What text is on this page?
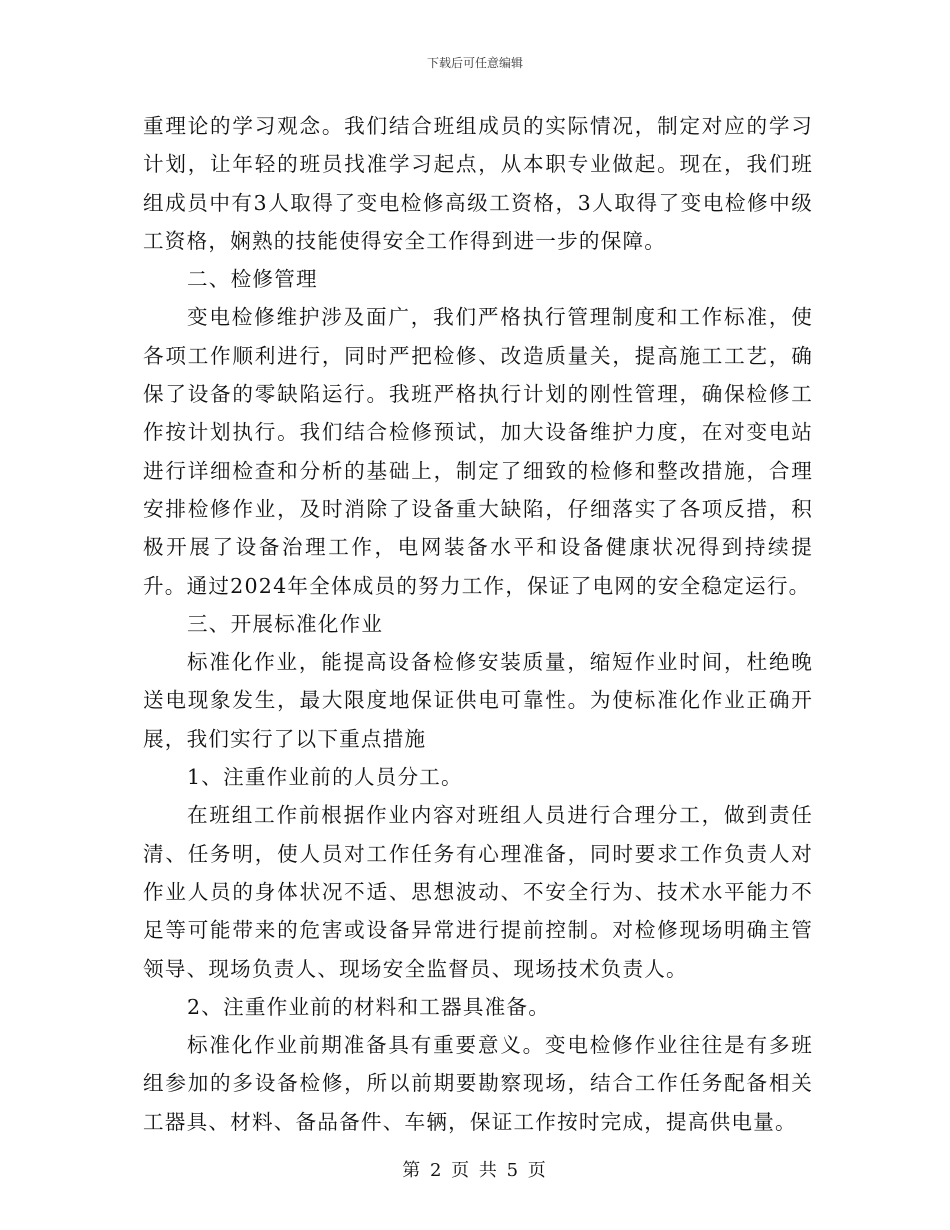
下载后可任意编辑

重理论的学习观念。我们结合班组成员的实际情况，制定对应的学习计划，让年轻的班员找准学习起点，从本职专业做起。现在，我们班组成员中有3人取得了变电检修高级工资格，3人取得了变电检修中级工资格，娴熟的技能使得安全工作得到进一步的保障。

二、检修管理

变电检修维护涉及面广，我们严格执行管理制度和工作标准，使各项工作顺利进行，同时严把检修、改造质量关，提高施工工艺，确保了设备的零缺陷运行。我班严格执行计划的刚性管理，确保检修工作按计划执行。我们结合检修预试，加大设备维护力度，在对变电站进行详细检查和分析的基础上，制定了细致的检修和整改措施，合理安排检修作业，及时消除了设备重大缺陷，仔细落实了各项反措，积极开展了设备治理工作，电网装备水平和设备健康状况得到持续提升。通过2024年全体成员的努力工作，保证了电网的安全稳定运行。

三、开展标准化作业

标准化作业，能提高设备检修安装质量，缩短作业时间，杜绝晚送电现象发生，最大限度地保证供电可靠性。为使标准化作业正确开展，我们实行了以下重点措施

1、注重作业前的人员分工。

在班组工作前根据作业内容对班组人员进行合理分工，做到责任清、任务明，使人员对工作任务有心理准备，同时要求工作负责人对作业人员的身体状况不适、思想波动、不安全行为、技术水平能力不足等可能带来的危害或设备异常进行提前控制。对检修现场明确主管领导、现场负责人、现场安全监督员、现场技术负责人。

2、注重作业前的材料和工器具准备。

标准化作业前期准备具有重要意义。变电检修作业往往是有多班组参加的多设备检修，所以前期要勘察现场，结合工作任务配备相关工器具、材料、备品备件、车辆，保证工作按时完成，提高供电量。

第 2 页 共 5 页
